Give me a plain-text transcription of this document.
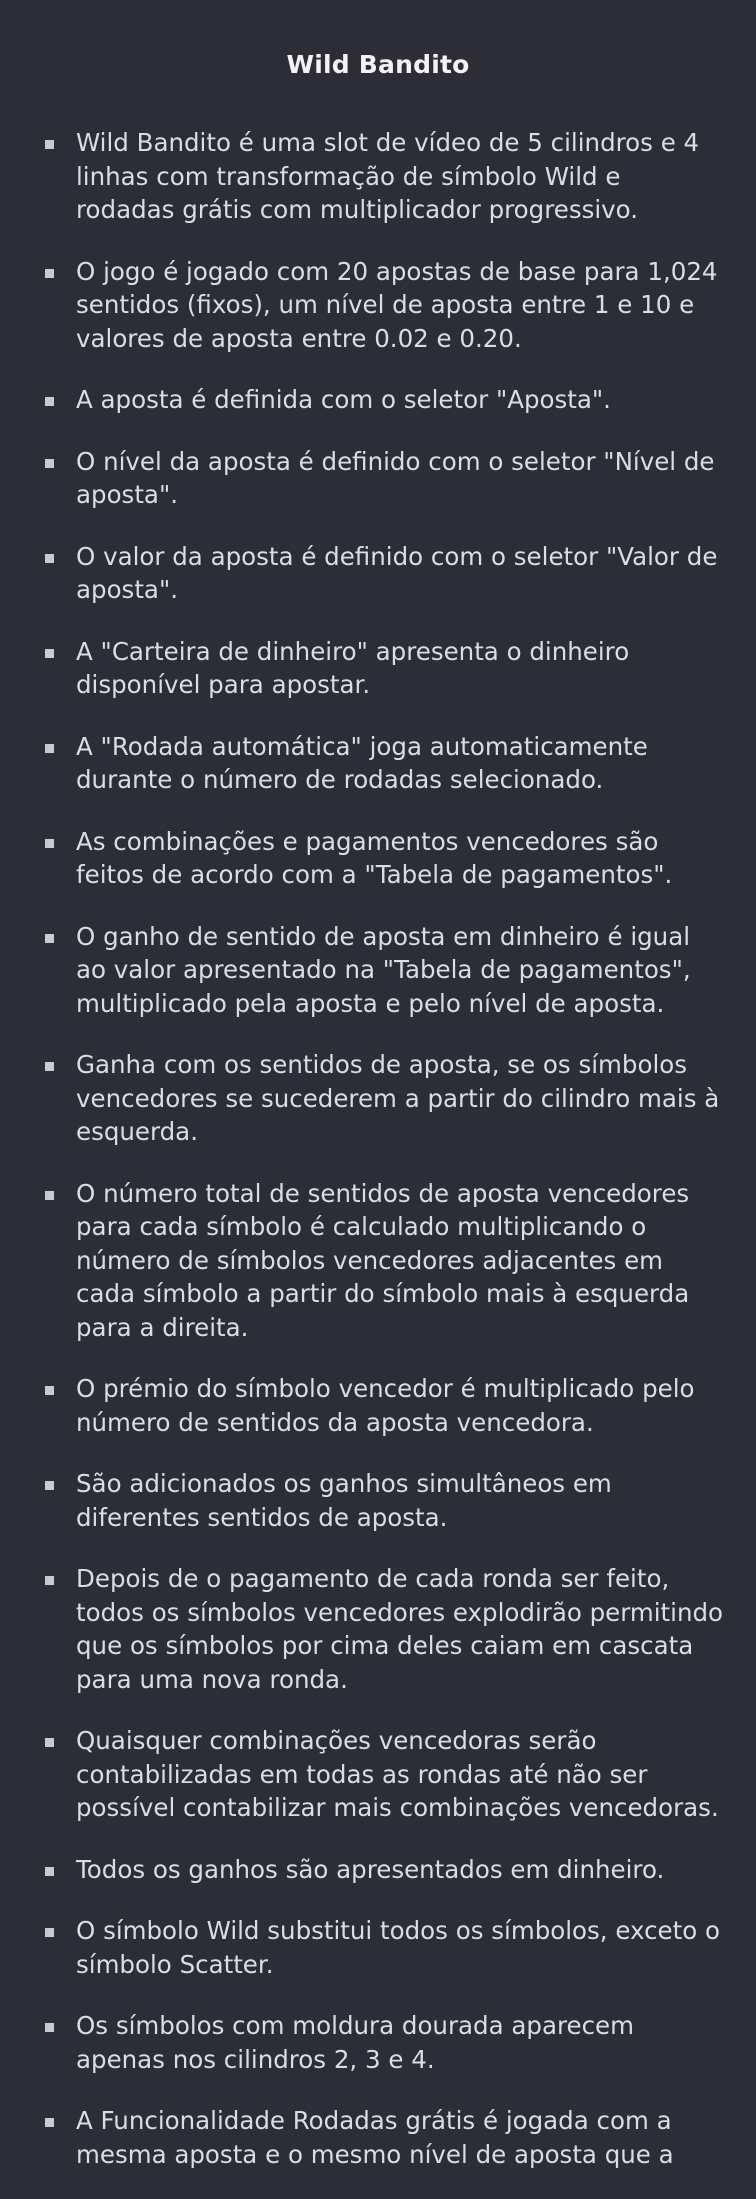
Wild Bandito
Wild Bandito é uma slot de vídeo de 5 cilindros e 4 linhas com transformação de símbolo Wild e rodadas grátis com multiplicador progressivo.
O jogo é jogado com 20 apostas de base para 1,024 sentidos (fixos), um nível de aposta entre 1 e 10 e valores de aposta entre 0.02 e 0.20.
A aposta é definida com o seletor "Aposta".
O nível da aposta é definido com o seletor "Nível de aposta".
O valor da aposta é definido com o seletor "Valor de aposta".
A "Carteira de dinheiro" apresenta o dinheiro disponível para apostar.
A "Rodada automática" joga automaticamente durante o número de rodadas selecionado.
As combinações e pagamentos vencedores são feitos de acordo com a "Tabela de pagamentos".
O ganho de sentido de aposta em dinheiro é igual ao valor apresentado na "Tabela de pagamentos", multiplicado pela aposta e pelo nível de aposta.
Ganha com os sentidos de aposta, se os símbolos vencedores se sucederem a partir do cilindro mais à esquerda.
O número total de sentidos de aposta vencedores para cada símbolo é calculado multiplicando o número de símbolos vencedores adjacentes em cada símbolo a partir do símbolo mais à esquerda para a direita.
O prémio do símbolo vencedor é multiplicado pelo número de sentidos da aposta vencedora.
São adicionados os ganhos simultâneos em diferentes sentidos de aposta.
Depois de o pagamento de cada ronda ser feito, todos os símbolos vencedores explodirão permitindo que os símbolos por cima deles caiam em cascata para uma nova ronda.
Quaisquer combinações vencedoras serão contabilizadas em todas as rondas até não ser possível contabilizar mais combinações vencedoras.
Todos os ganhos são apresentados em dinheiro.
O símbolo Wild substitui todos os símbolos, exceto o símbolo Scatter.
Os símbolos com moldura dourada aparecem apenas nos cilindros 2, 3 e 4.
A Funcionalidade Rodadas grátis é jogada com a mesma aposta e o mesmo nível de aposta que a
